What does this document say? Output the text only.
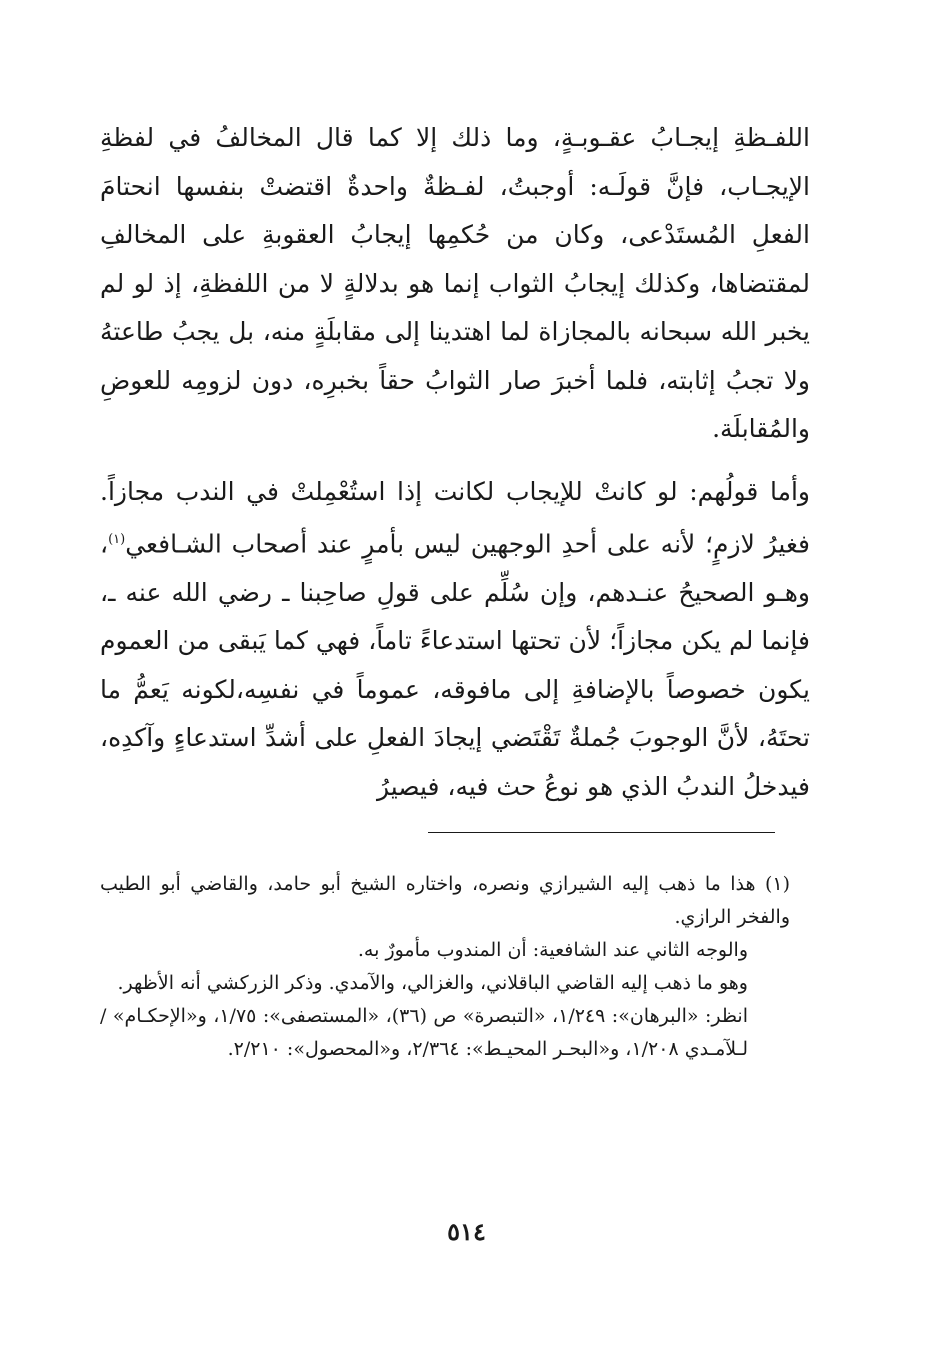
اللفـظةِ إيجـابُ عقـوبـةٍ، وما ذلك إلا كما قال المخالفُ في لفظةِ الإيجـاب، فإنَّ قولَـه: أوجبتُ، لفـظةٌ واحدةٌ اقتضتْ بنفسها انحتامَ الفعلِ المُستَدْعى، وكان من حُكمِها إيجابُ العقوبةِ على المخالفِ لمقتضاها، وكذلك إيجابُ الثواب إنما هو بدلالةٍ لا من اللفظةِ، إذ لو لم يخبر الله سبحانه بالمجازاة لما اهتدينا إلى مقابلَةٍ منه، بل يجبُ طاعتهُ ولا تجبُ إثابته، فلما أخبرَ صار الثوابُ حقاً بخبرِه، دون لزومِه للعوضِ والمُقابلَة.

وأما قولُهم: لو كانتْ للإيجاب لكانت إذا استُعْمِلتْ في الندب مجازاً. فغيرُ لازمٍ؛ لأنه على أحدِ الوجهين ليس بأمرٍ عند أصحاب الشـافعي$^{(١)}$، وهـو الصحيحُ عنـدهم، وإن سُلِّم على قولِ صاحِبنا ـ رضي الله عنه ـ، فإنما لم يكن مجازاً؛ لأن تحتها استدعاءً تاماً، فهي كما يَبقى من العموم يكون خصوصاً بالإضافةِ إلى مافوقه، عموماً في نفسِه،لكونه يَعمُّ ما تحتَهُ، لأنَّ الوجوبَ جُملةٌ تَقْتَضي إيجادَ الفعلِ على أشدِّ استدعاءٍ وآكدِه، فيدخلُ الندبُ الذي هو نوعُ حث فيه، فيصيرُ

(١) هذا ما ذهب إليه الشيرازي ونصره، واختاره الشيخ أبو حامد، والقاضي أبو الطيب والفخر الرازي.

والوجه الثاني عند الشافعية: أن المندوب مأمورٌ به.

وهو ما ذهب إليه القاضي الباقلاني، والغزالي، والآمدي. وذكر الزركشي أنه الأظهر.

انظر: «البرهان»: ١/٢٤٩، «التبصرة» ص (٣٦)، «المستصفى»: ١/٧٥، و«الإحكـام» / لـلآمـدي ١/٢٠٨، و«البحـر المحيـط»: ٢/٣٦٤، و«المحصول»: ٢/٢١٠.

٥١٤
